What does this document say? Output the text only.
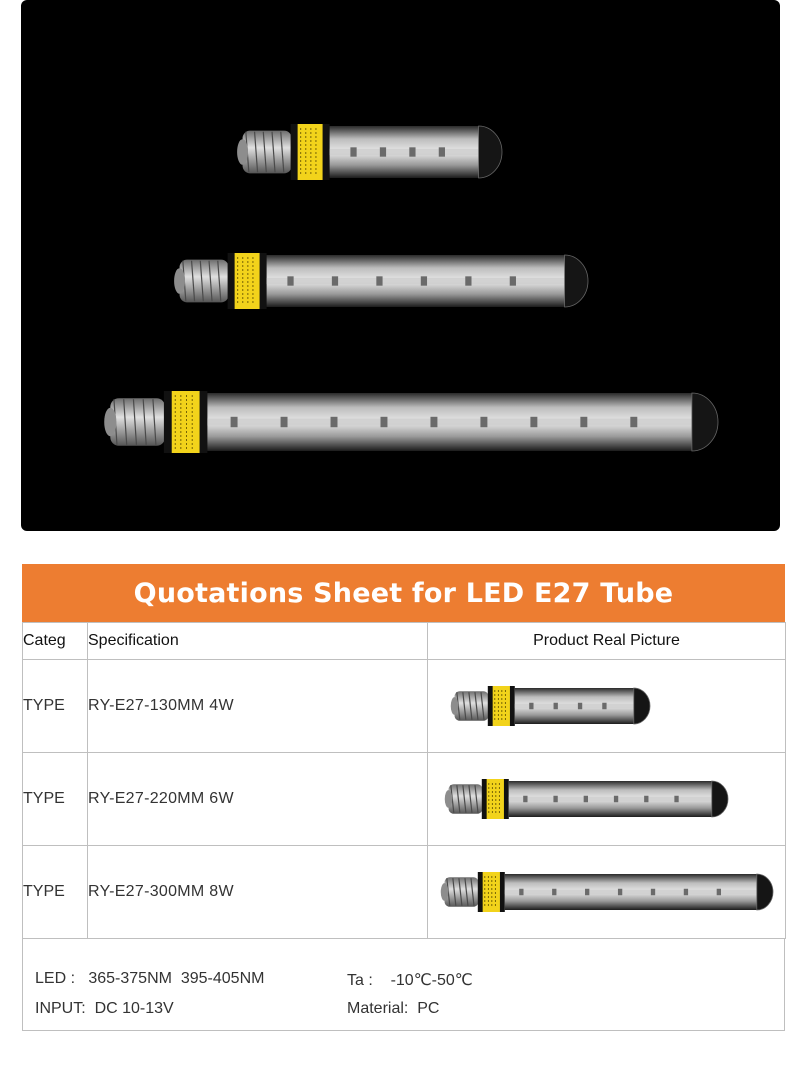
Quotations Sheet for LED E27 Tube
Categ	Specification	Product Real Picture
TYPE	RY-E27-130MM 4W	

TYPE	RY-E27-220MM 6W	

TYPE	RY-E27-300MM 8W	
LED :   365-375NM  395-405NM	Ta :    -10℃-50℃
INPUT:  DC 10-13V	Material:  PC
